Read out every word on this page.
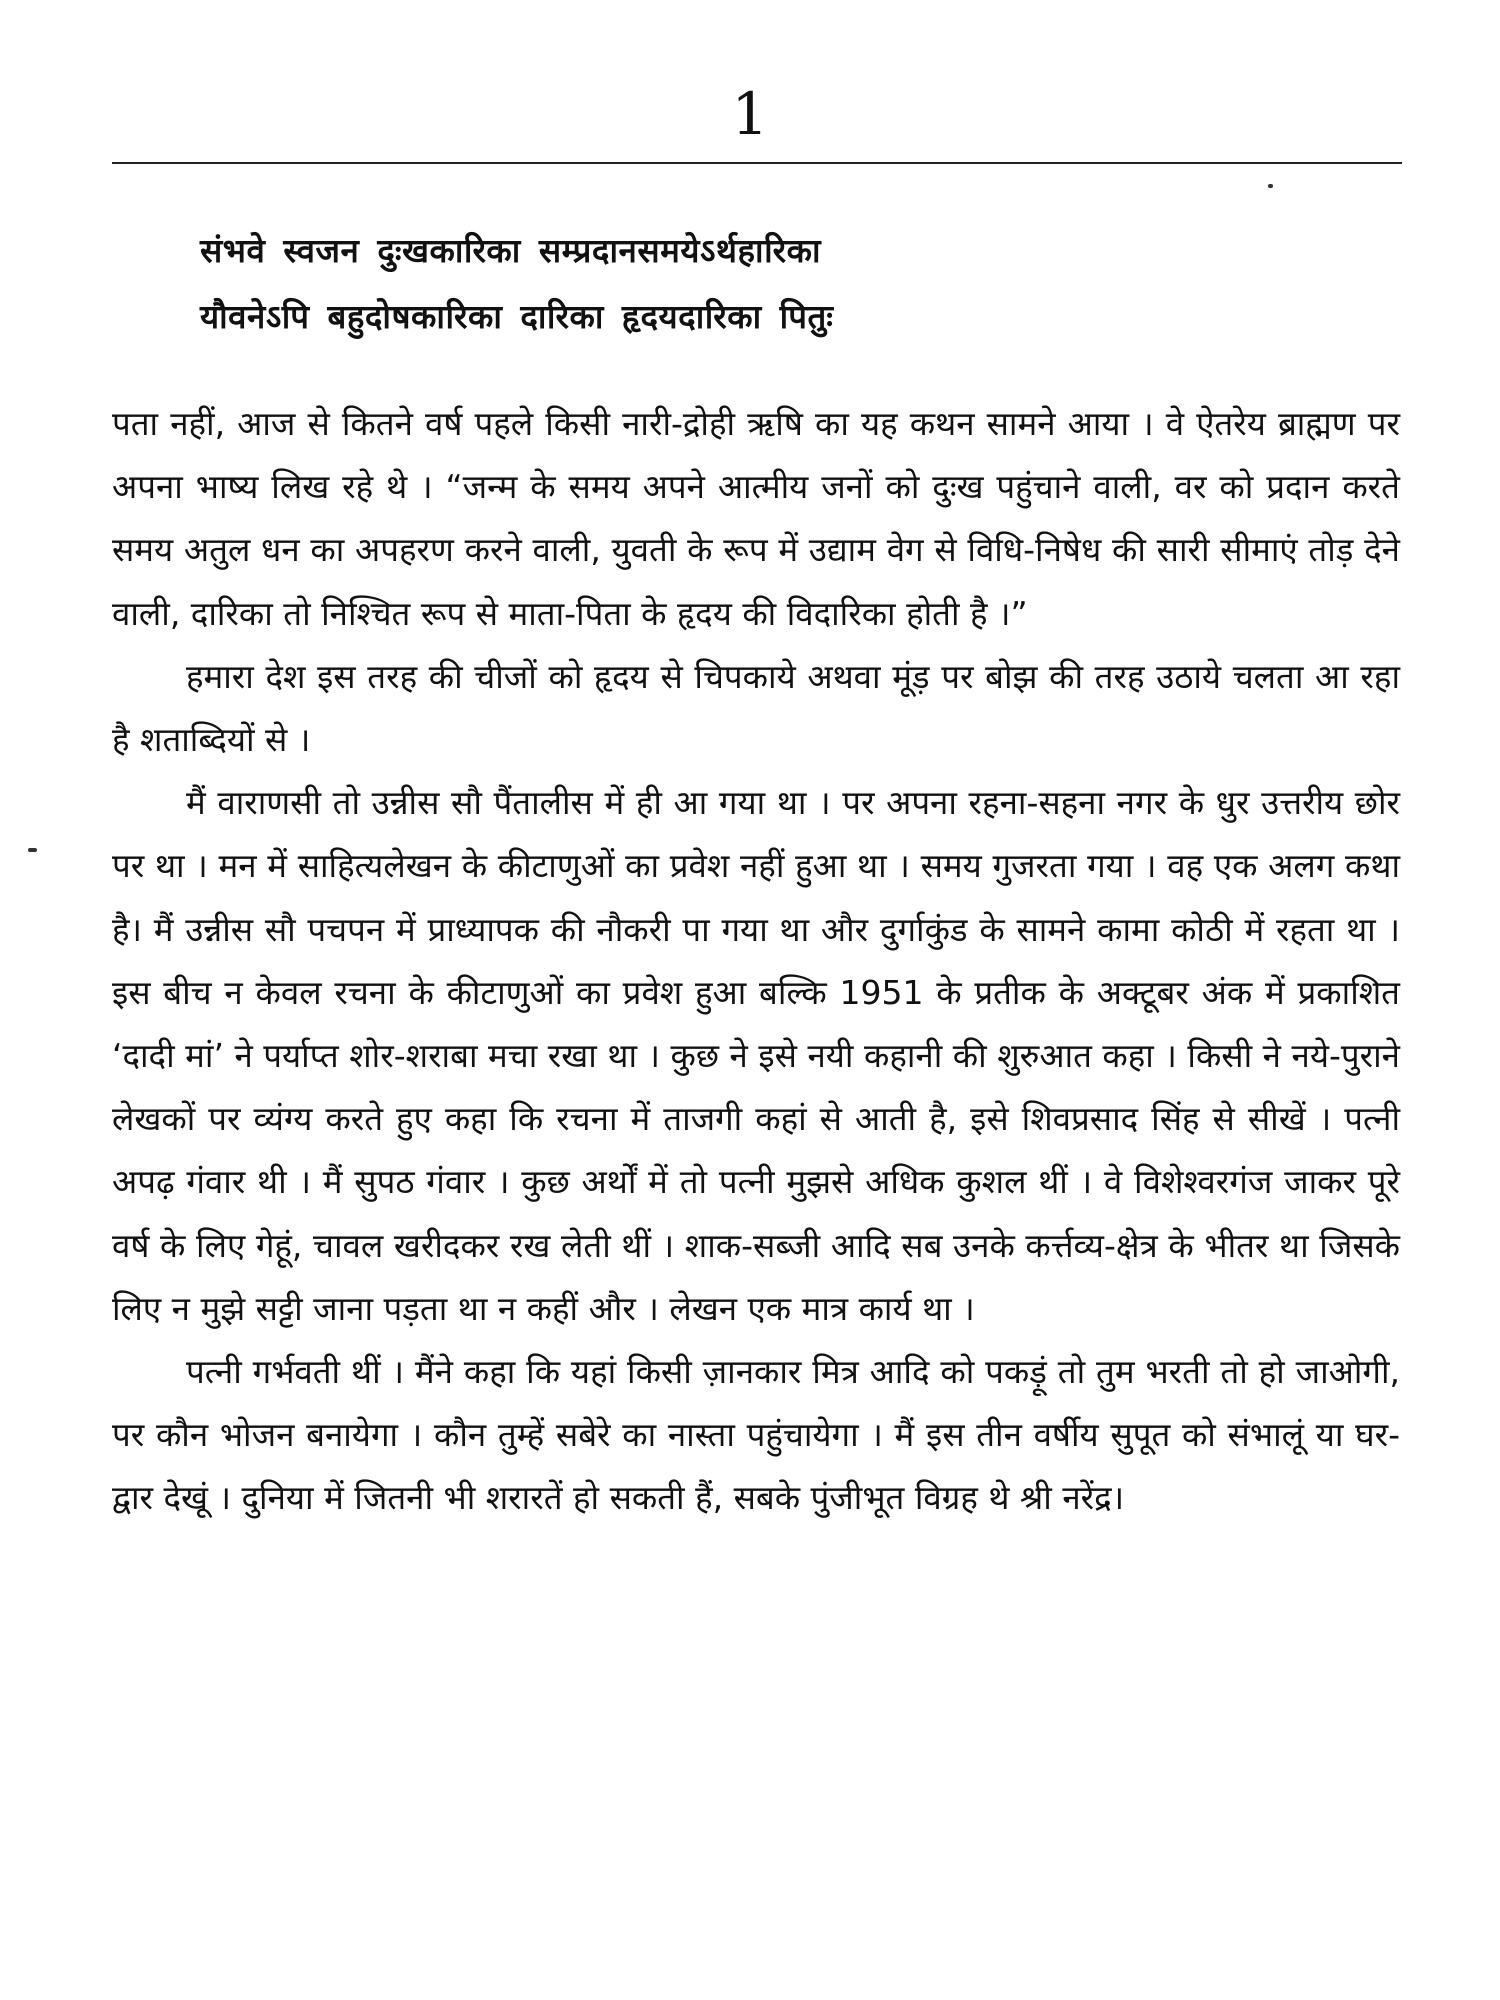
1
संभवे स्वजन दुःखकारिका सम्प्रदानसमयेऽर्थहारिका
यौवनेऽपि बहुदोषकारिका दारिका हृदयदारिका पितुः

पता नहीं, आज से कितने वर्ष पहले किसी नारी-द्रोही ऋषि का यह कथन सामने आया । वे ऐतरेय ब्राह्मण पर अपना भाष्य लिख रहे थे । “जन्म के समय अपने आत्मीय जनों को दुःख पहुंचाने वाली, वर को प्रदान करते समय अतुल धन का अपहरण करने वाली, युवती के रूप में उद्याम वेग से विधि-निषेध की सारी सीमाएं तोड़ देने वाली, दारिका तो निश्चित रूप से माता-पिता के हृदय की विदारिका होती है ।”

हमारा देश इस तरह की चीजों को हृदय से चिपकाये अथवा मूंड़ पर बोझ की तरह उठाये चलता आ रहा है शताब्दियों से ।

मैं वाराणसी तो उन्नीस सौ पैंतालीस में ही आ गया था । पर अपना रहना-सहना नगर के धुर उत्तरीय छोर पर था । मन में साहित्यलेखन के कीटाणुओं का प्रवेश नहीं हुआ था । समय गुजरता गया । वह एक अलग कथा है। मैं उन्नीस सौ पचपन में प्राध्यापक की नौकरी पा गया था और दुर्गाकुंड के सामने कामा कोठी में रहता था । इस बीच न केवल रचना के कीटाणुओं का प्रवेश हुआ बल्कि 1951 के प्रतीक के अक्टूबर अंक में प्रकाशित ‘दादी मां’ ने पर्याप्त शोर-शराबा मचा रखा था । कुछ ने इसे नयी कहानी की शुरुआत कहा । किसी ने नये-पुराने लेखकों पर व्यंग्य करते हुए कहा कि रचना में ताजगी कहां से आती है, इसे शिवप्रसाद सिंह से सीखें । पत्नी अपढ़ गंवार थी । मैं सुपठ गंवार । कुछ अर्थों में तो पत्नी मुझसे अधिक कुशल थीं । वे विशेश्वरगंज जाकर पूरे वर्ष के लिए गेहूं, चावल खरीदकर रख लेती थीं । शाक-सब्जी आदि सब उनके कर्त्तव्य-क्षेत्र के भीतर था जिसके लिए न मुझे सट्टी जाना पड़ता था न कहीं और । लेखन एक मात्र कार्य था ।

पत्नी गर्भवती थीं । मैंने कहा कि यहां किसी ज़ानकार मित्र आदि को पकड़ूं तो तुम भरती तो हो जाओगी, पर कौन भोजन बनायेगा । कौन तुम्हें सबेरे का नास्ता पहुंचायेगा । मैं इस तीन वर्षीय सुपूत को संभालूं या घर-द्वार देखूं । दुनिया में जितनी भी शरारतें हो सकती हैं, सबके पुंजीभूत विग्रह थे श्री नरेंद्र।
